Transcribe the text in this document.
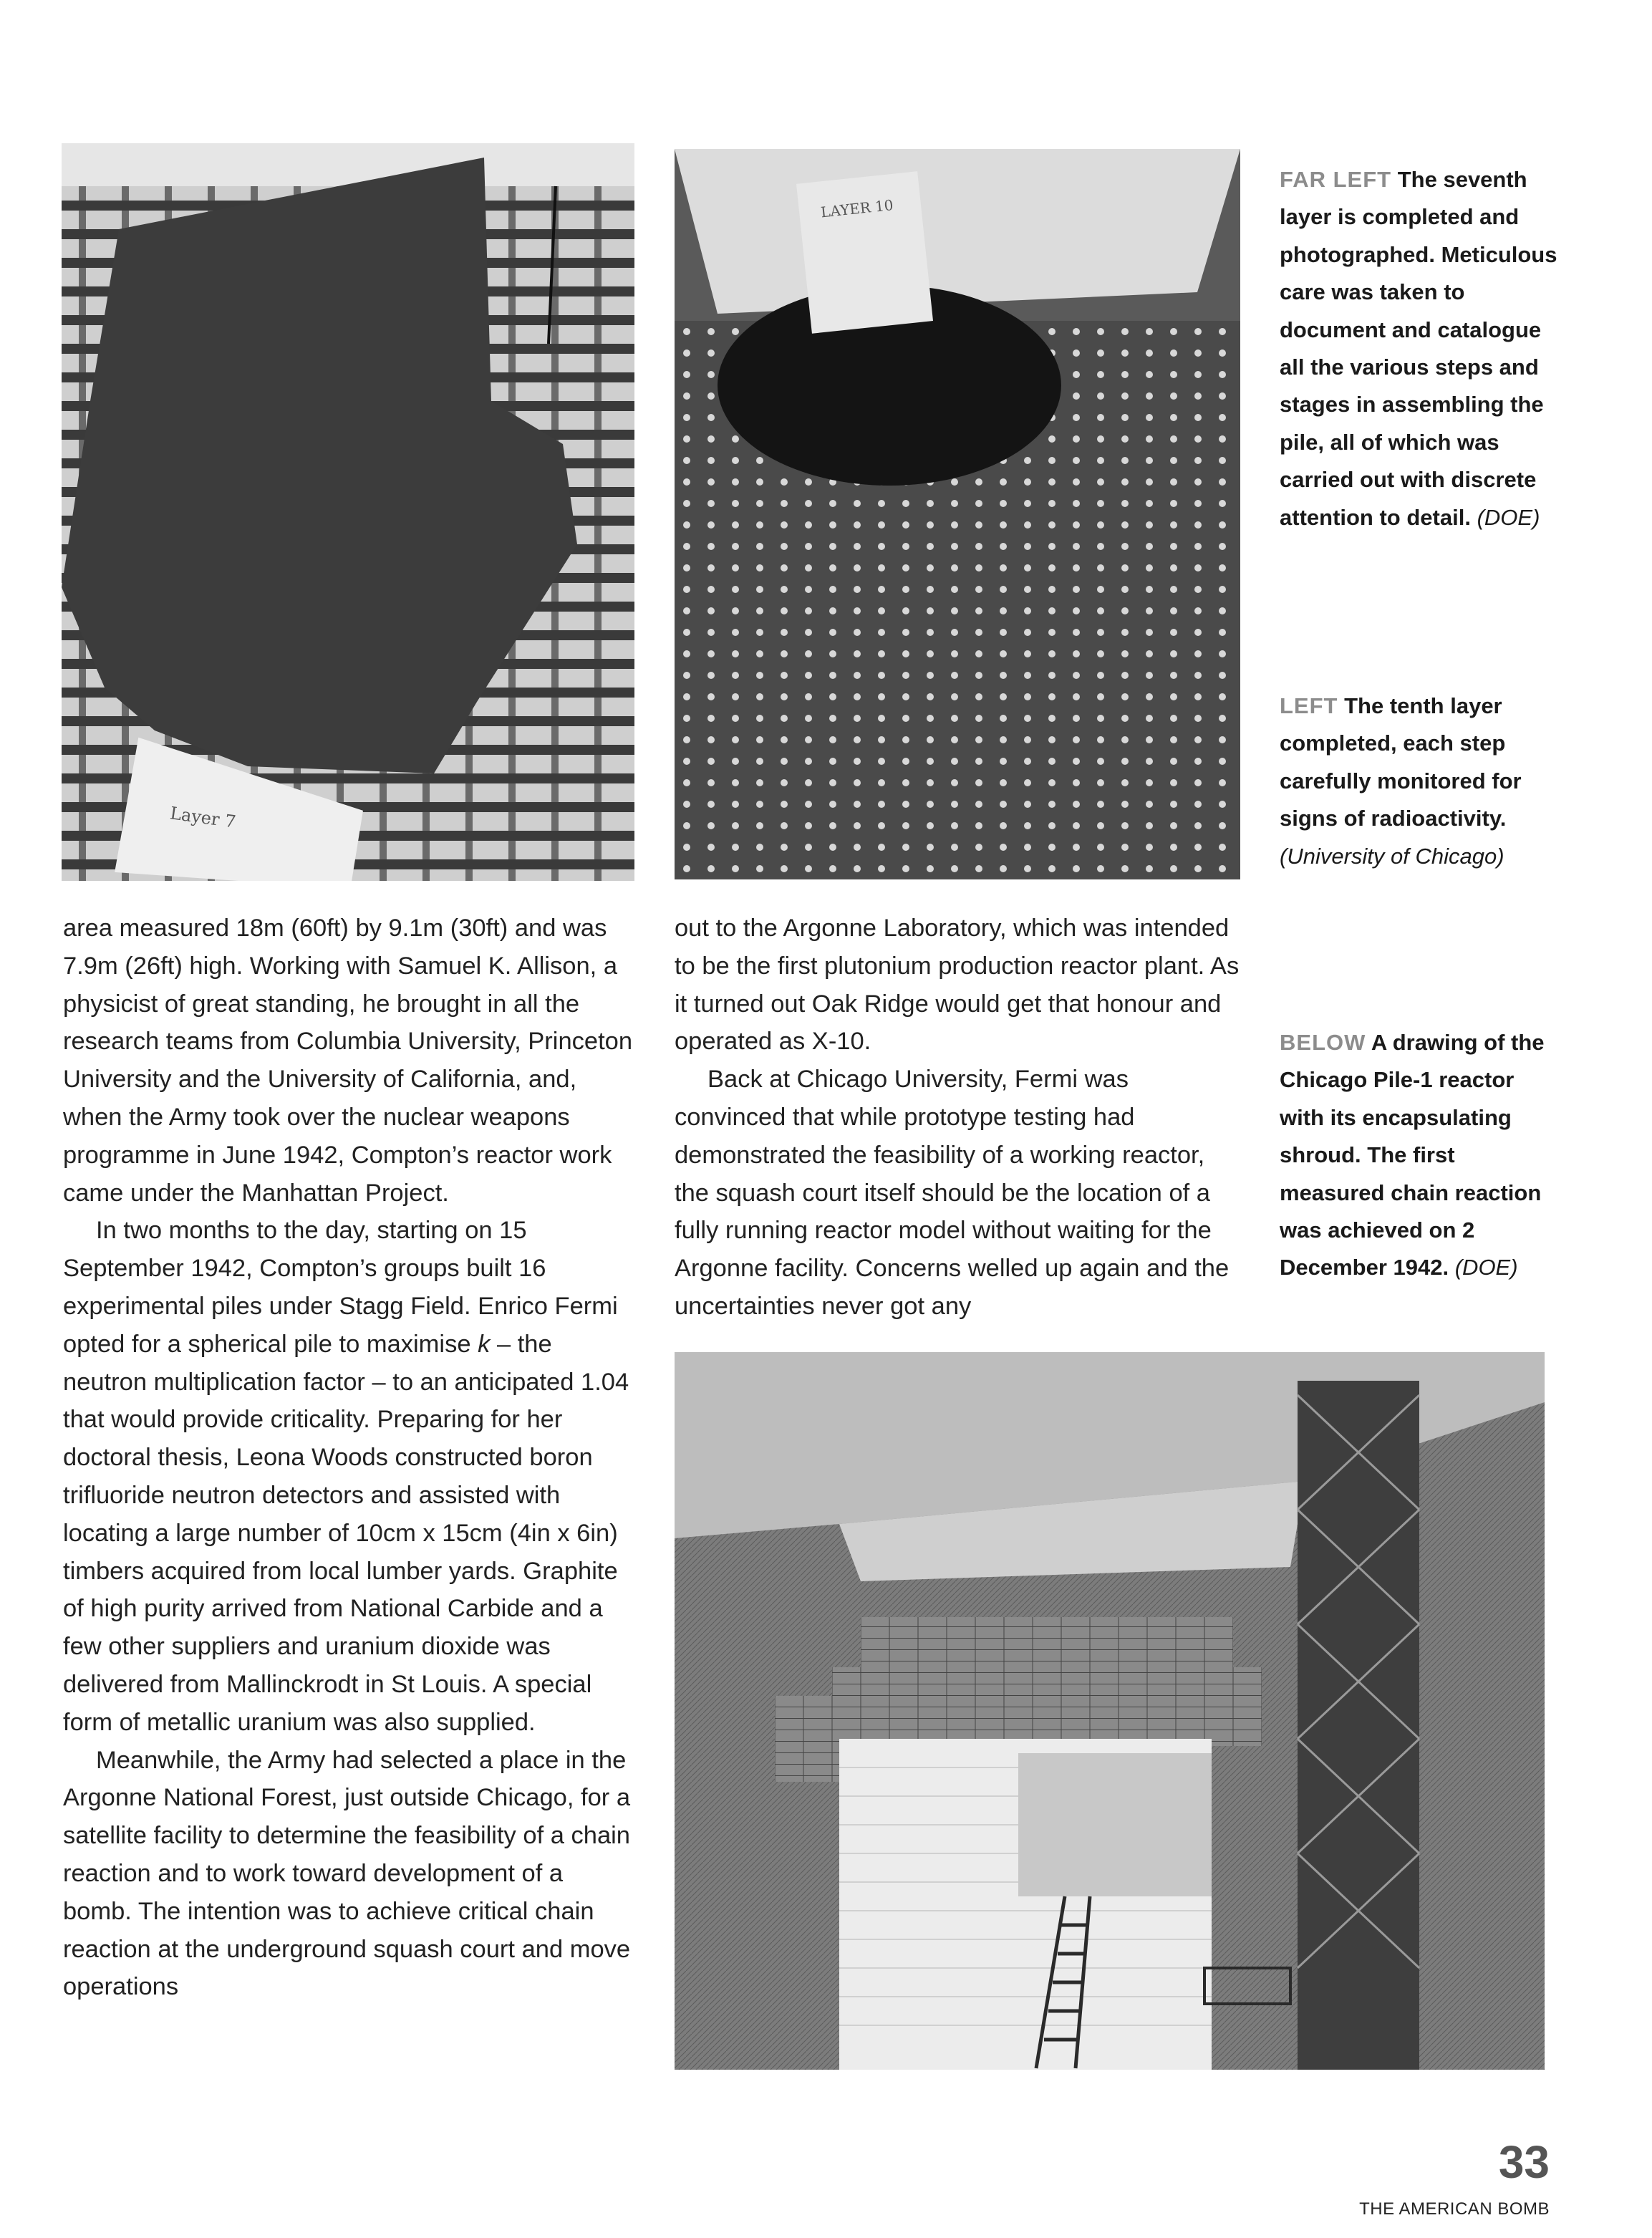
Layer 7
LAYER 10
FAR LEFT The seventh layer is completed and photographed. Meticulous care was taken to document and catalogue all the various steps and stages in assembling the pile, all of which was carried out with discrete attention to detail. (DOE)
LEFT The tenth layer completed, each step carefully monitored for signs of radioactivity. (University of Chicago)
BELOW A drawing of the Chicago Pile-1 reactor with its encapsulating shroud. The first measured chain reaction was achieved on 2 December 1942. (DOE)

area measured 18m (60ft) by 9.1m (30ft) and was 7.9m (26ft) high. Working with Samuel K. Allison, a physicist of great standing, he brought in all the research teams from Columbia University, Princeton University and the University of California, and, when the Army took over the nuclear weapons programme in June 1942, Compton’s reactor work came under the Manhattan Project.

In two months to the day, starting on 15 September 1942, Compton’s groups built 16 experimental piles under Stagg Field. Enrico Fermi opted for a spherical pile to maximise k – the neutron multiplication factor – to an anticipated 1.04 that would provide criticality. Preparing for her doctoral thesis, Leona Woods constructed boron trifluoride neutron detectors and assisted with locating a large number of 10cm x 15cm (4in x 6in) timbers acquired from local lumber yards. Graphite of high purity arrived from National Carbide and a few other suppliers and uranium dioxide was delivered from Mallinckrodt in St Louis. A special form of metallic uranium was also supplied.

Meanwhile, the Army had selected a place in the Argonne National Forest, just outside Chicago, for a satellite facility to determine the feasibility of a chain reaction and to work toward development of a bomb. The intention was to achieve critical chain reaction at the underground squash court and move operations

out to the Argonne Laboratory, which was intended to be the first plutonium production reactor plant. As it turned out Oak Ridge would get that honour and operated as X-10.

Back at Chicago University, Fermi was convinced that while prototype testing had demonstrated the feasibility of a working reactor, the squash court itself should be the location of a fully running reactor model without waiting for the Argonne facility. Concerns welled up again and the uncertainties never got any

33
THE AMERICAN BOMB
